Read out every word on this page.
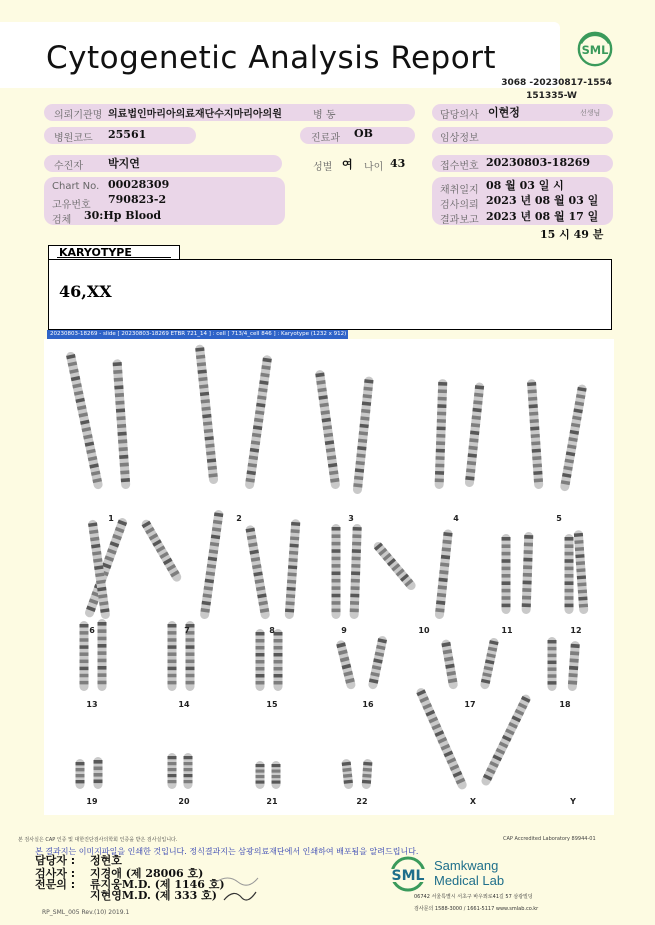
Cytogenetic Analysis Report	SML
3068 -20230817-1554
151335-W
의뢰기관명 의료법인마리아의료재단수지마리아의원	병 동	담당의사 이현정	선생님
병원코드 25561	진료과 OB	임상정보
수진자 박지연	성별 여 나이 43	접수번호 20230803-18269
Chart No. 00028309
고유번호 790823-2
검체 30:Hp Blood
채취일지 08 월 03 일 시
검사의뢰 2023 년 08 월 03 일
결과보고 2023 년 08 월 17 일
15 시 49 분
KARYOTYPE
46,XX
20230803-18269 - slide [ 20230803-18269 ETBR 721_14 ] : cell [ 713/4_cell 846 ] : Karyotype (1232 x 912)
1	2	3	4	5
6	7	8	9	10	11	12
13	14	15	16	17	18
19	20	21	22	X	Y
본 검사실은 CAP 인증 및 대한진단검사의학회 인증을 받은 검사실입니다.	CAP Accredited Laboratory 89944-01
본 결과지는 이미지파일을 인쇄한 것입니다. 정식결과지는 삼광의료재단에서 인쇄하여 배포됨을 알려드립니다.
담당자 : 정현호
검사자 : 지경애 (제 28006 호)
전문의 : 류지웅M.D. (제 1146 호)
지현영M.D. (제 333 호)
SML
Samkwang
Medical Lab
06742 서울특별시 서초구 바우뫼로41길 57 삼광빌딩
검사문의 1588-3000 / 1661-5117 www.smlab.co.kr
RP_SML_005 Rev.(10) 2019.1
